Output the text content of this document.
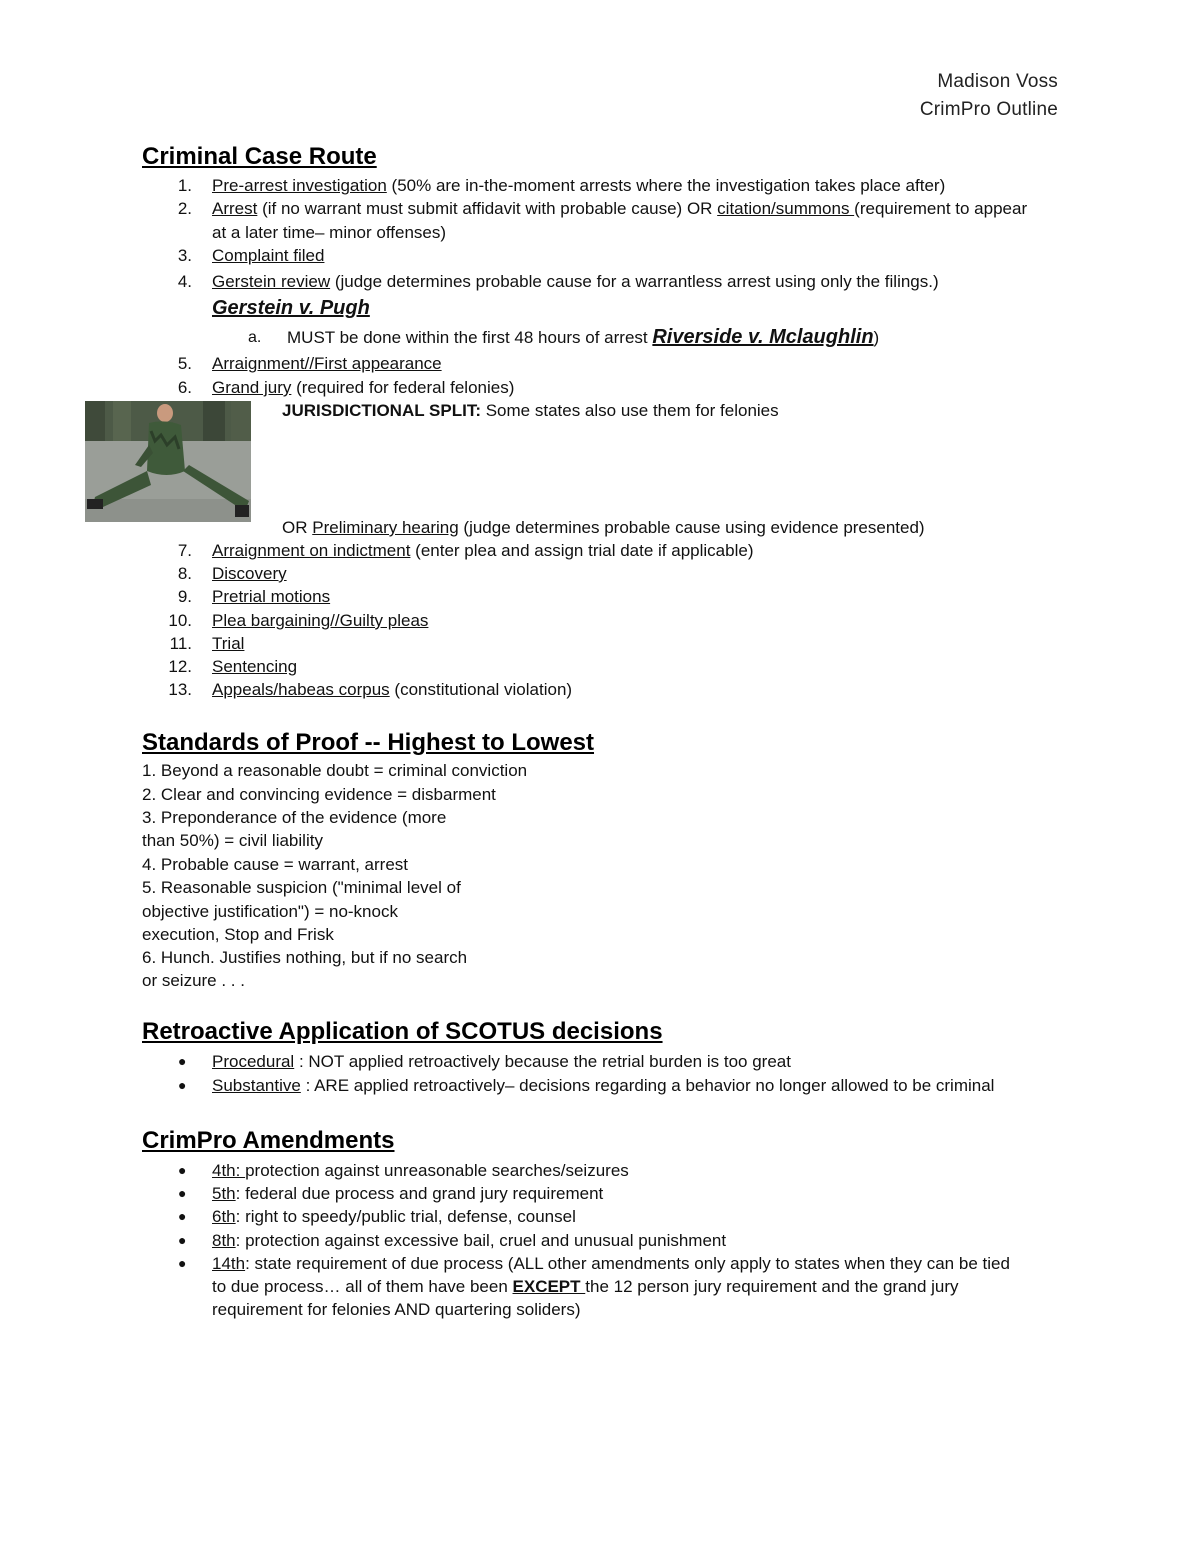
Madison Voss
CrimPro Outline
Criminal Case Route
1. Pre-arrest investigation (50% are in-the-moment arrests where the investigation takes place after)
2. Arrest (if no warrant must submit affidavit with probable cause) OR citation/summons (requirement to appear
at a later time– minor offenses)
3. Complaint filed
4. Gerstein review (judge determines probable cause for a warrantless arrest using only the filings.)
Gerstein v. Pugh
a. MUST be done within the first 48 hours of arrest Riverside v. Mclaughlin)
5. Arraignment//First appearance
6. Grand jury (required for federal felonies)
JURISDICTIONAL SPLIT: Some states also use them for felonies
OR Preliminary hearing (judge determines probable cause using evidence presented)
7. Arraignment on indictment (enter plea and assign trial date if applicable)
8. Discovery
9. Pretrial motions
10. Plea bargaining//Guilty pleas
11. Trial
12. Sentencing
13. Appeals/habeas corpus (constitutional violation)
Standards of Proof -- Highest to Lowest
1. Beyond a reasonable doubt = criminal conviction
2. Clear and convincing evidence = disbarment
3. Preponderance of the evidence (more
than 50%) = civil liability
4. Probable cause = warrant, arrest
5. Reasonable suspicion ("minimal level of
objective justification") = no-knock
execution, Stop and Frisk
6. Hunch. Justifies nothing, but if no search
or seizure . . .
Retroactive Application of SCOTUS decisions
● Procedural : NOT applied retroactively because the retrial burden is too great
● Substantive : ARE applied retroactively– decisions regarding a behavior no longer allowed to be criminal
CrimPro Amendments
● 4th: protection against unreasonable searches/seizures
● 5th: federal due process and grand jury requirement
● 6th: right to speedy/public trial, defense, counsel
● 8th: protection against excessive bail, cruel and unusual punishment
● 14th: state requirement of due process (ALL other amendments only apply to states when they can be tied
to due process… all of them have been EXCEPT the 12 person jury requirement and the grand jury
requirement for felonies AND quartering soliders)
